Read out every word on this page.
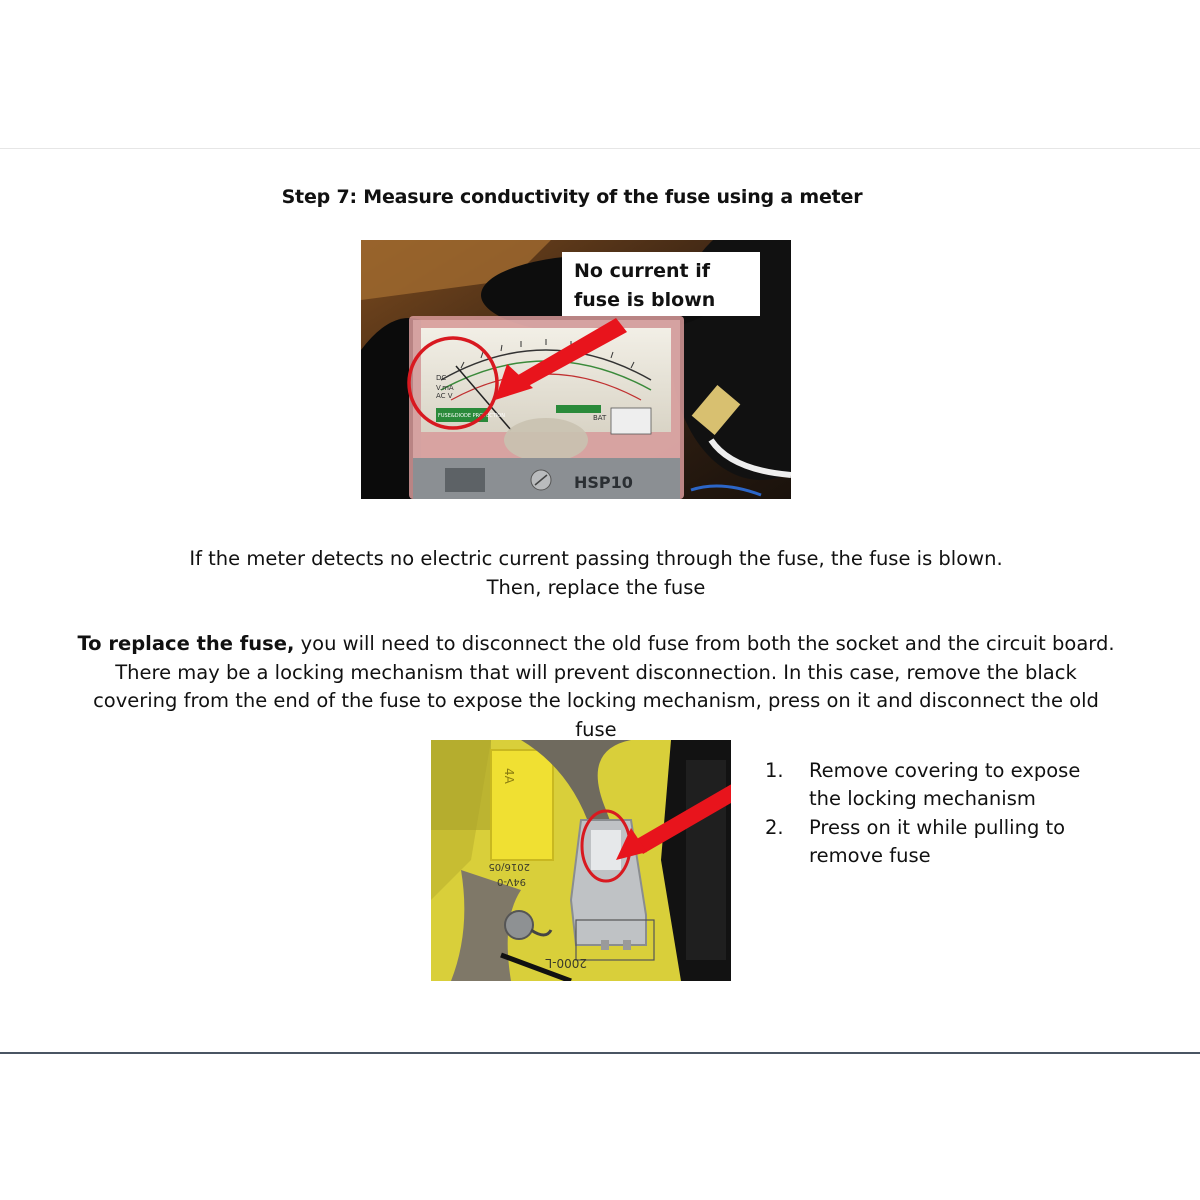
Step 7: Measure conductivity of the fuse using a meter
DC
V.mA
AC V
FUSE&DIODE PROTECTION	BAT
HSP10
No current if fuse is blown
If the meter detects no electric current passing through the fuse, the fuse is blown.
Then, replace the fuse
To replace the fuse, you will need to disconnect the old fuse from both the socket and the circuit board.
There may be a locking mechanism that will prevent disconnection. In this case, remove the black
covering from the end of the fuse to expose the locking mechanism, press on it and disconnect the old
fuse
4A
94V-0
2016/05
2000-L
1.	Remove covering to expose the locking mechanism
2.	Press on it while pulling to remove fuse
